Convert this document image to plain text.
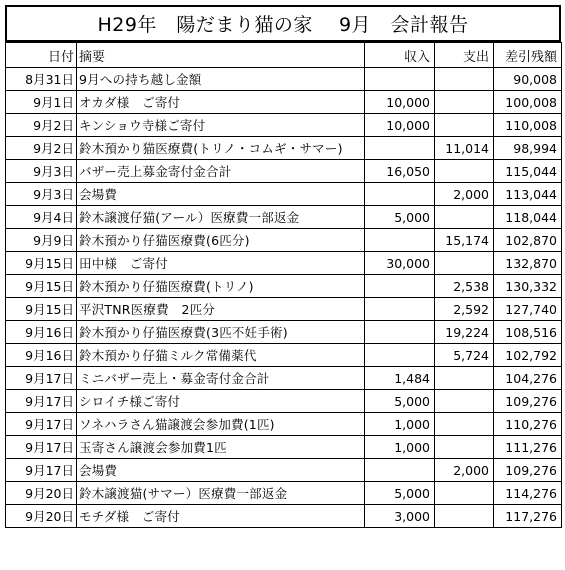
H29年　陽だまり猫の家　 9月　会計報告
日付	摘要	収入	支出	差引残額
8月31日	9月への持ち越し金額			90,008
9月1日	オカダ様　ご寄付	10,000		100,008
9月2日	キンショウ寺様ご寄付	10,000		110,008
9月2日	鈴木預かり猫医療費(トリノ・コムギ・サマー)		11,014	98,994
9月3日	バザー売上募金寄付金合計	16,050		115,044
9月3日	会場費		2,000	113,044
9月4日	鈴木譲渡仔猫(アール）医療費一部返金	5,000		118,044
9月9日	鈴木預かり仔猫医療費(6匹分)		15,174	102,870
9月15日	田中様　ご寄付	30,000		132,870
9月15日	鈴木預かり仔猫医療費(トリノ)		2,538	130,332
9月15日	平沢TNR医療費　2匹分		2,592	127,740
9月16日	鈴木預かり仔猫医療費(3匹不妊手術)		19,224	108,516
9月16日	鈴木預かり仔猫ミルク常備薬代		5,724	102,792
9月17日	ミニバザー売上・募金寄付金合計	1,484		104,276
9月17日	シロイチ様ご寄付	5,000		109,276
9月17日	ソネハラさん猫譲渡会参加費(1匹)	1,000		110,276
9月17日	玉寄さん譲渡会参加費1匹	1,000		111,276
9月17日	会場費		2,000	109,276
9月20日	鈴木譲渡猫(サマー）医療費一部返金	5,000		114,276
9月20日	モチダ様　ご寄付	3,000		117,276
